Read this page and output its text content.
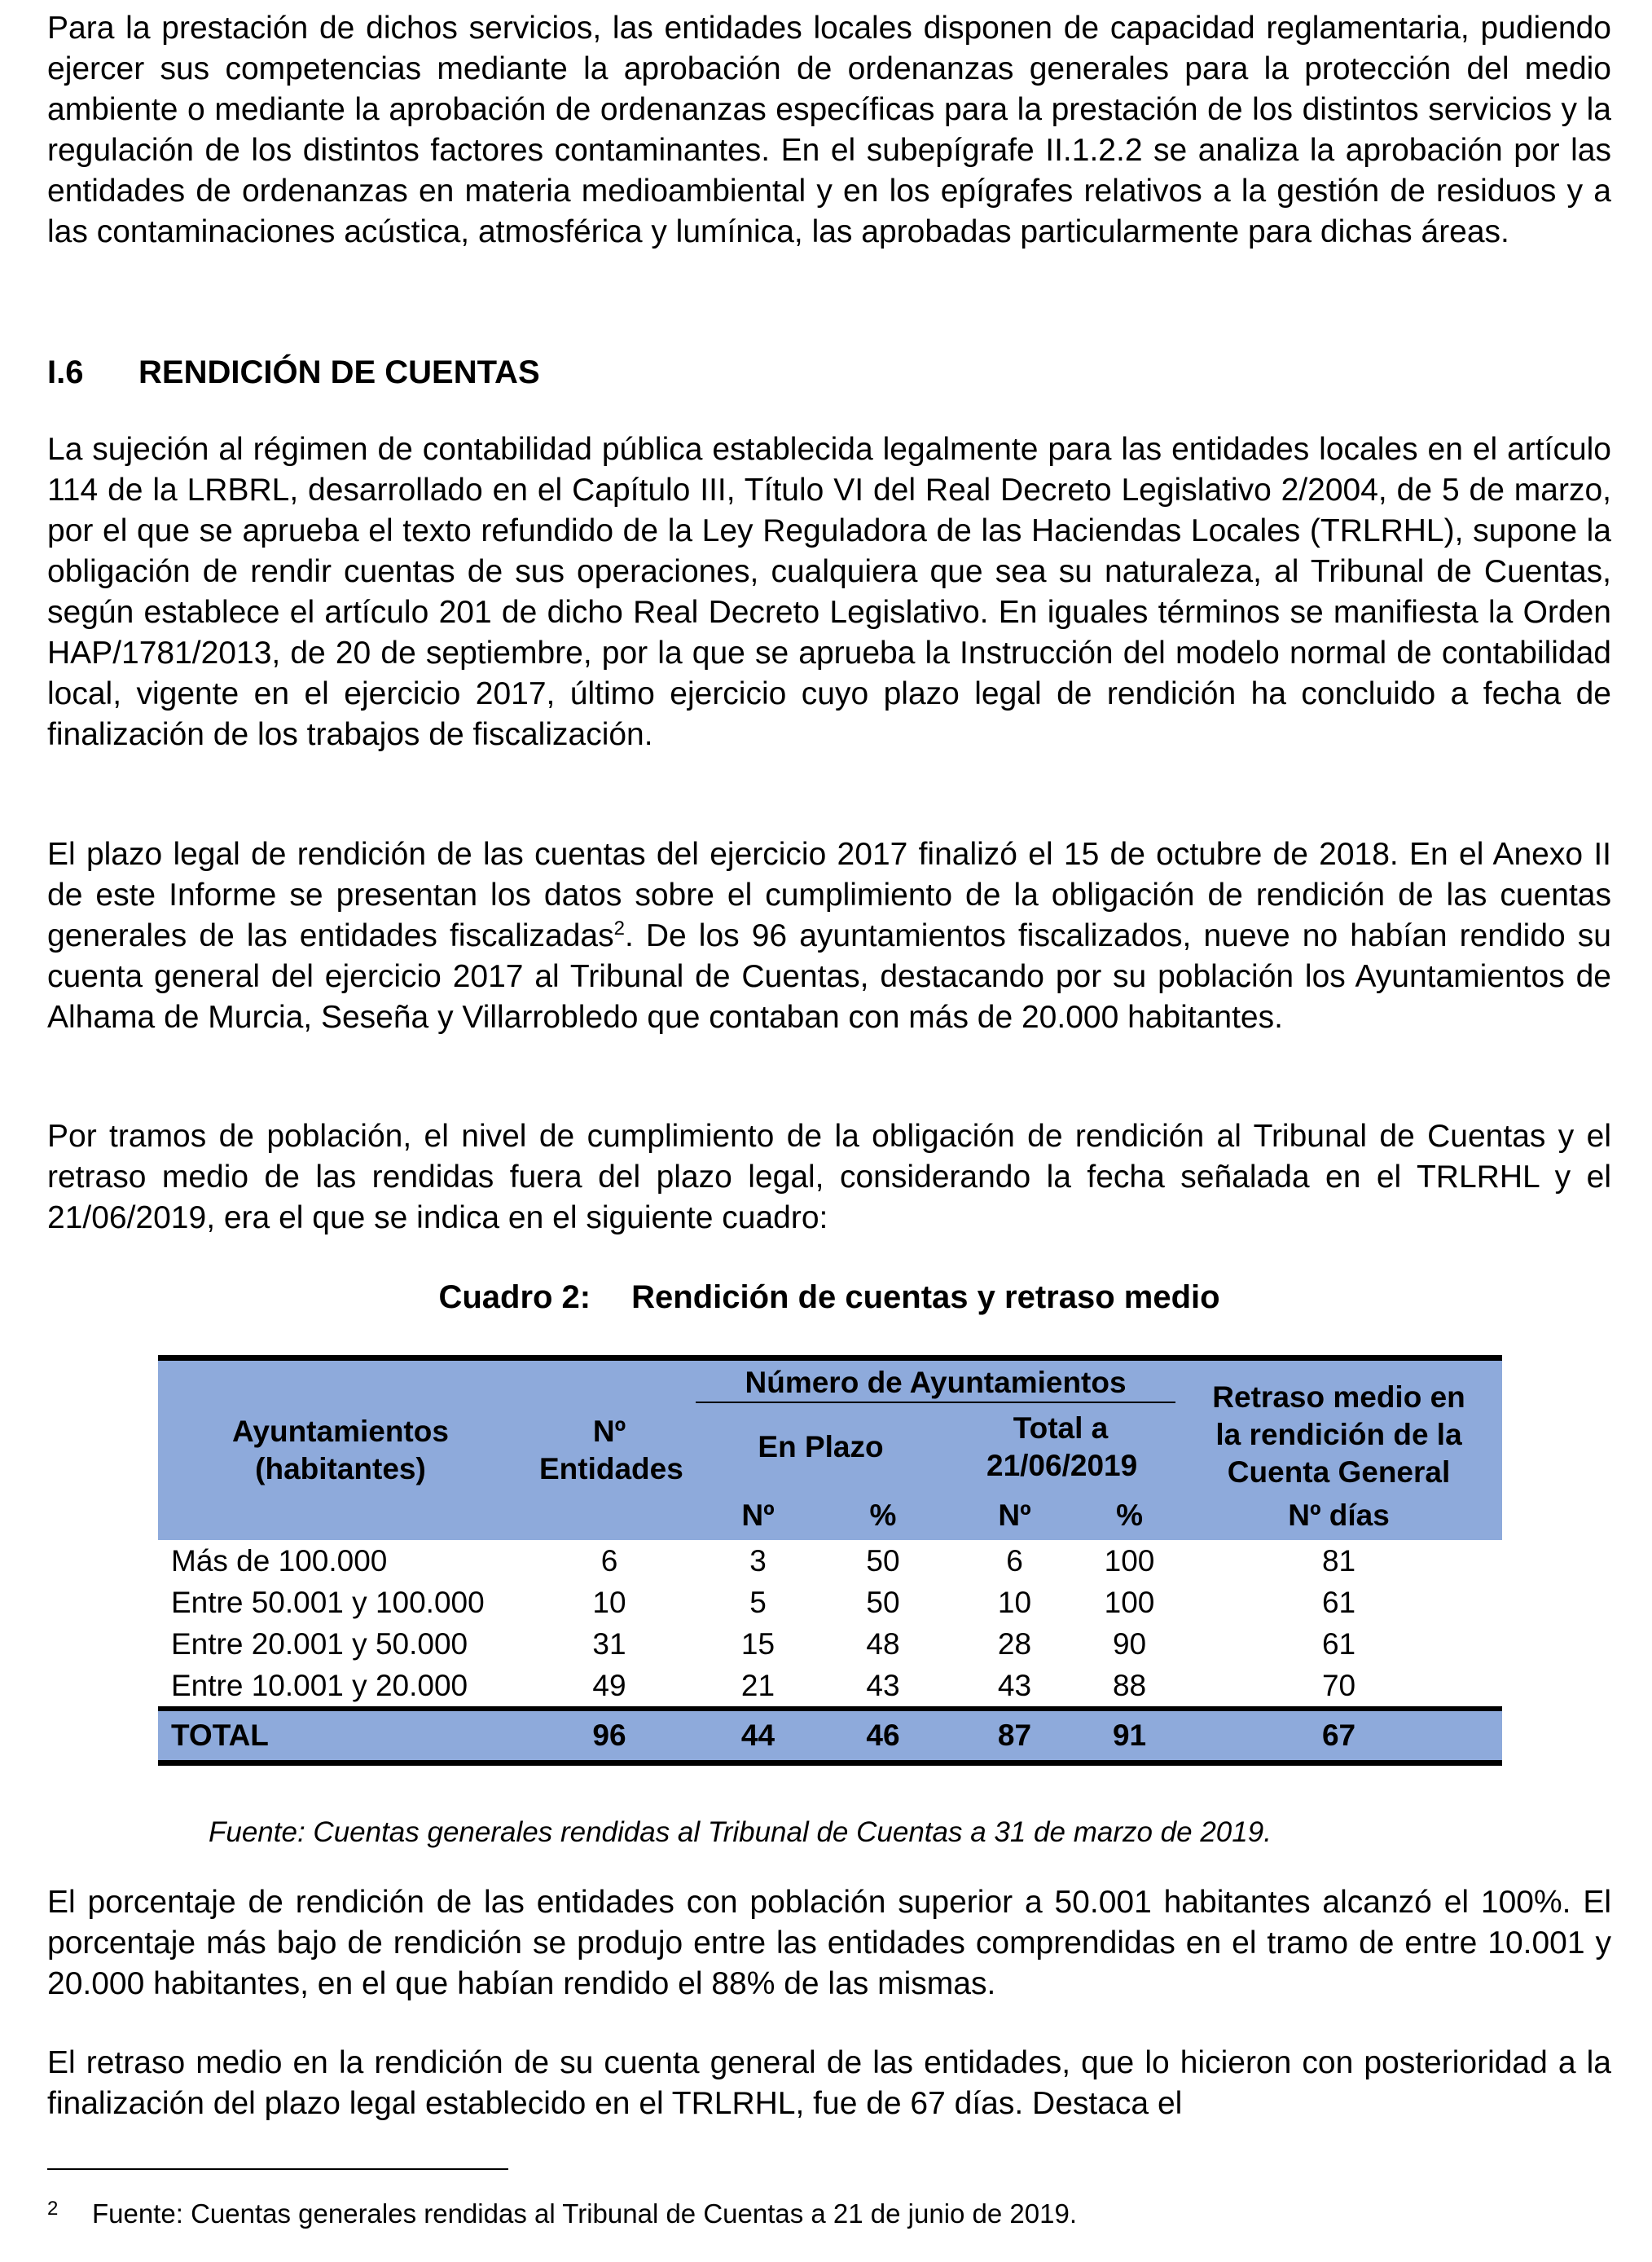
Para la prestación de dichos servicios, las entidades locales disponen de capacidad reglamentaria, pudiendo ejercer sus competencias mediante la aprobación de ordenanzas generales para la protección del medio ambiente o mediante la aprobación de ordenanzas específicas para la prestación de los distintos servicios y la regulación de los distintos factores contaminantes. En el subepígrafe II.1.2.2 se analiza la aprobación por las entidades de ordenanzas en materia medioambiental y en los epígrafes relativos a la gestión de residuos y a las contaminaciones acústica, atmosférica y lumínica, las aprobadas particularmente para dichas áreas.

I.6 RENDICIÓN DE CUENTAS

La sujeción al régimen de contabilidad pública establecida legalmente para las entidades locales en el artículo 114 de la LRBRL, desarrollado en el Capítulo III, Título VI del Real Decreto Legislativo 2/2004, de 5 de marzo, por el que se aprueba el texto refundido de la Ley Reguladora de las Haciendas Locales (TRLRHL), supone la obligación de rendir cuentas de sus operaciones, cualquiera que sea su naturaleza, al Tribunal de Cuentas, según establece el artículo 201 de dicho Real Decreto Legislativo. En iguales términos se manifiesta la Orden HAP/1781/2013, de 20 de septiembre, por la que se aprueba la Instrucción del modelo normal de contabilidad local, vigente en el ejercicio 2017, último ejercicio cuyo plazo legal de rendición ha concluido a fecha de finalización de los trabajos de fiscalización.

El plazo legal de rendición de las cuentas del ejercicio 2017 finalizó el 15 de octubre de 2018. En el Anexo II de este Informe se presentan los datos sobre el cumplimiento de la obligación de rendición de las cuentas generales de las entidades fiscalizadas$^2$. De los 96 ayuntamientos fiscalizados, nueve no habían rendido su cuenta general del ejercicio 2017 al Tribunal de Cuentas, destacando por su población los Ayuntamientos de Alhama de Murcia, Seseña y Villarrobledo que contaban con más de 20.000 habitantes.

Por tramos de población, el nivel de cumplimiento de la obligación de rendición al Tribunal de Cuentas y el retraso medio de las rendidas fuera del plazo legal, considerando la fecha señalada en el TRLRHL y el 21/06/2019, era el que se indica en el siguiente cuadro:

Cuadro 2: Rendición de cuentas y retraso medio
Ayuntamientos (habitantes)	Nº Entidades	Número de Ayuntamientos				Retraso medio en la rendición de la Cuenta General
		En Plazo		Total a 21/06/2019		
		Nº	%	Nº	%	Nº días
Más de 100.000	6	3	50	6	100	81
Entre 50.001 y 100.000	10	5	50	10	100	61
Entre 20.001 y 50.000	31	15	48	28	90	61
Entre 10.001 y 20.000	49	21	43	43	88	70
TOTAL	96	44	46	87	91	67
Fuente: Cuentas generales rendidas al Tribunal de Cuentas a 31 de marzo de 2019.

El porcentaje de rendición de las entidades con población superior a 50.001 habitantes alcanzó el 100%. El porcentaje más bajo de rendición se produjo entre las entidades comprendidas en el tramo de entre 10.001 y 20.000 habitantes, en el que habían rendido el 88% de las mismas.

El retraso medio en la rendición de su cuenta general de las entidades, que lo hicieron con posterioridad a la finalización del plazo legal establecido en el TRLRHL, fue de 67 días. Destaca el

2 Fuente: Cuentas generales rendidas al Tribunal de Cuentas a 21 de junio de 2019.
